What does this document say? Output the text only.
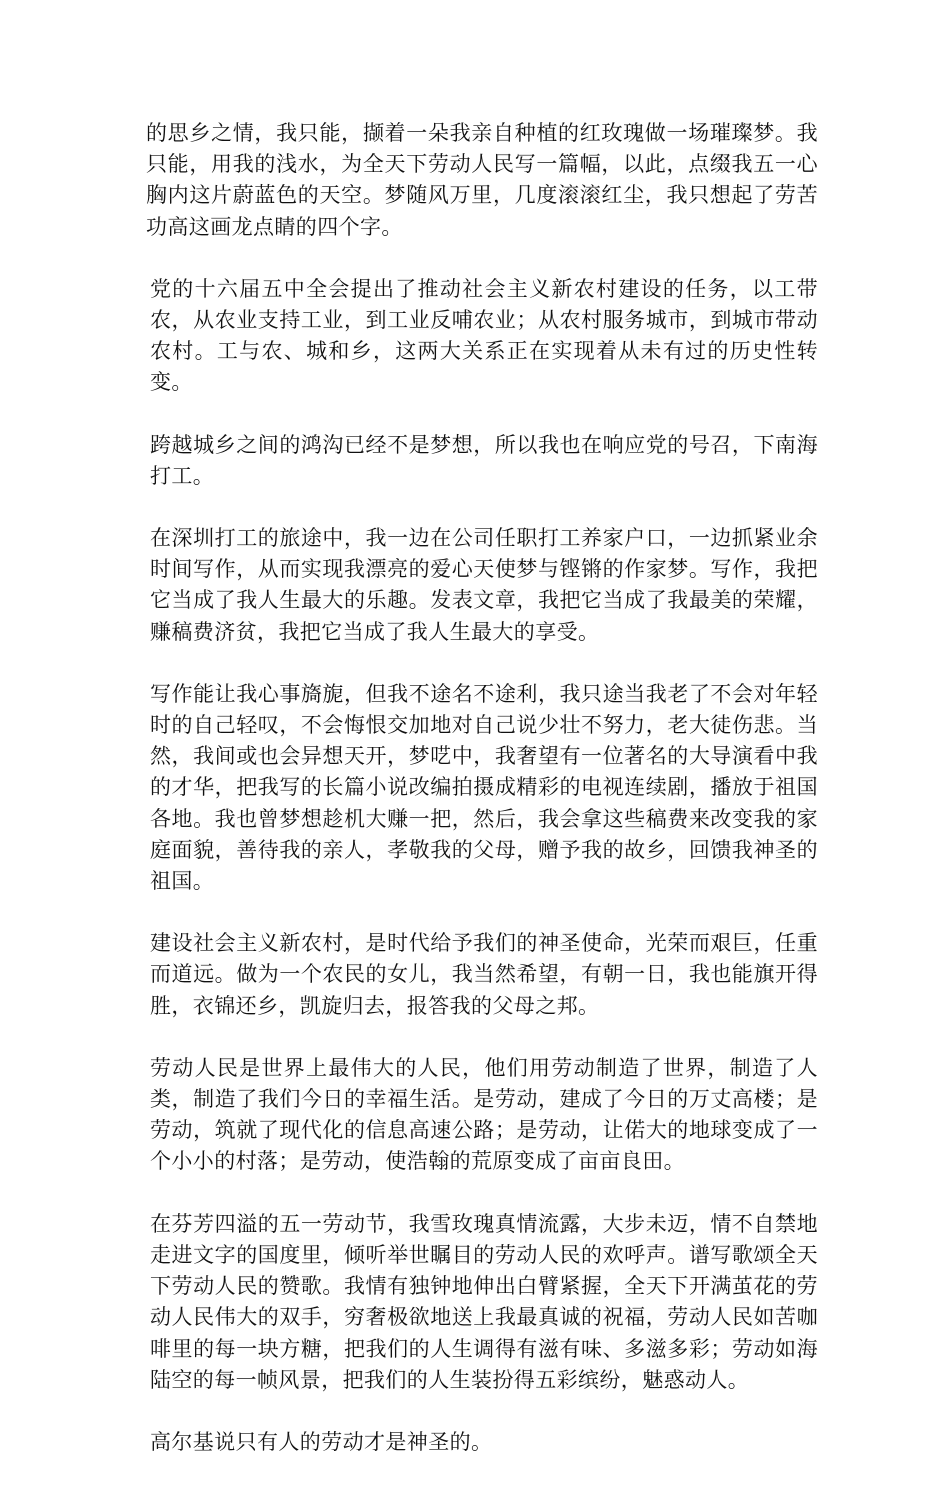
的思乡之情，我只能，撷着一朵我亲自种植的红玫瑰做一场璀璨梦。我只能，用我的浅水，为全天下劳动人民写一篇幅，以此，点缀我五一心胸内这片蔚蓝色的天空。梦随风万里，几度滚滚红尘，我只想起了劳苦功高这画龙点睛的四个字。

党的十六届五中全会提出了推动社会主义新农村建设的任务，以工带农，从农业支持工业，到工业反哺农业；从农村服务城市，到城市带动农村。工与农、城和乡，这两大关系正在实现着从未有过的历史性转变。

跨越城乡之间的鸿沟已经不是梦想，所以我也在响应党的号召，下南海打工。

在深圳打工的旅途中，我一边在公司任职打工养家户口，一边抓紧业余时间写作，从而实现我漂亮的爱心天使梦与铿锵的作家梦。写作，我把它当成了我人生最大的乐趣。发表文章，我把它当成了我最美的荣耀，赚稿费济贫，我把它当成了我人生最大的享受。

写作能让我心事旖旎，但我不途名不途利，我只途当我老了不会对年轻时的自己轻叹，不会悔恨交加地对自己说少壮不努力，老大徒伤悲。当然，我间或也会异想天开，梦呓中，我奢望有一位著名的大导演看中我的才华，把我写的长篇小说改编拍摄成精彩的电视连续剧，播放于祖国各地。我也曾梦想趁机大赚一把，然后，我会拿这些稿费来改变我的家庭面貌，善待我的亲人，孝敬我的父母，赠予我的故乡，回馈我神圣的祖国。

建设社会主义新农村，是时代给予我们的神圣使命，光荣而艰巨，任重而道远。做为一个农民的女儿，我当然希望，有朝一日，我也能旗开得胜，衣锦还乡，凯旋归去，报答我的父母之邦。

劳动人民是世界上最伟大的人民，他们用劳动制造了世界，制造了人类，制造了我们今日的幸福生活。是劳动，建成了今日的万丈高楼；是劳动，筑就了现代化的信息高速公路；是劳动，让偌大的地球变成了一个小小的村落；是劳动，使浩翰的荒原变成了亩亩良田。

在芬芳四溢的五一劳动节，我雪玫瑰真情流露，大步未迈，情不自禁地走进文字的国度里，倾听举世瞩目的劳动人民的欢呼声。谱写歌颂全天下劳动人民的赞歌。我情有独钟地伸出白臂紧握，全天下开满茧花的劳动人民伟大的双手，穷奢极欲地送上我最真诚的祝福，劳动人民如苦咖啡里的每一块方糖，把我们的人生调得有滋有味、多滋多彩；劳动如海陆空的每一帧风景，把我们的人生装扮得五彩缤纷，魅惑动人。

高尔基说只有人的劳动才是神圣的。
